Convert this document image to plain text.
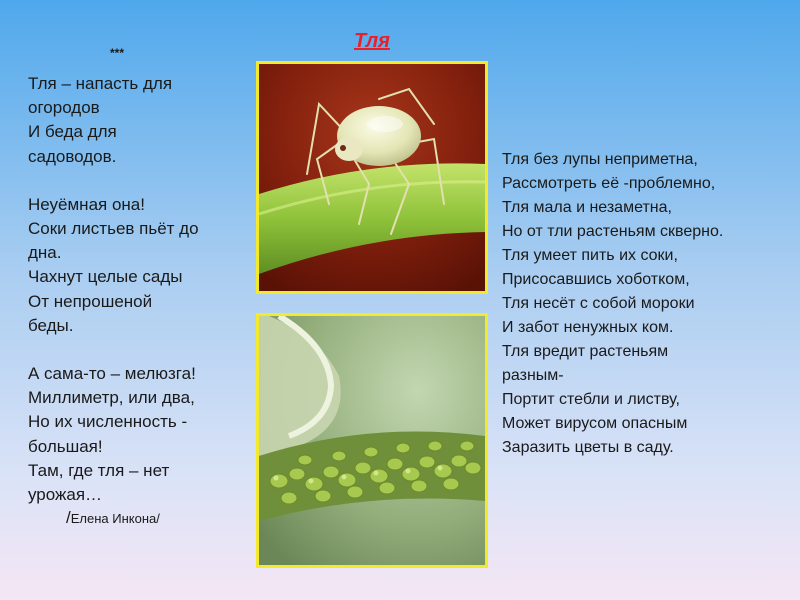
Тля
***
Тля – напасть для
огородов
И беда для
садоводов.
Неуёмная она!
Соки листьев пьёт до
дна.
Чахнут целые сады
От непрошеной
беды.
А сама-то – мелюзга!
Миллиметр, или два,
Но их численность -
большая!
Там, где тля – нет
урожая…
/Елена Инкона/
Тля без лупы неприметна,
Рассмотреть её -проблемно,
Тля мала и незаметна,
Но от тли растеньям скверно.
Тля умеет пить их соки,
Присосавшись хоботком,
Тля несёт с собой мороки
И забот ненужных ком.
Тля вредит растеньям
разным-
Портит стебли и листву,
Может вирусом опасным
Заразить цветы в саду.
